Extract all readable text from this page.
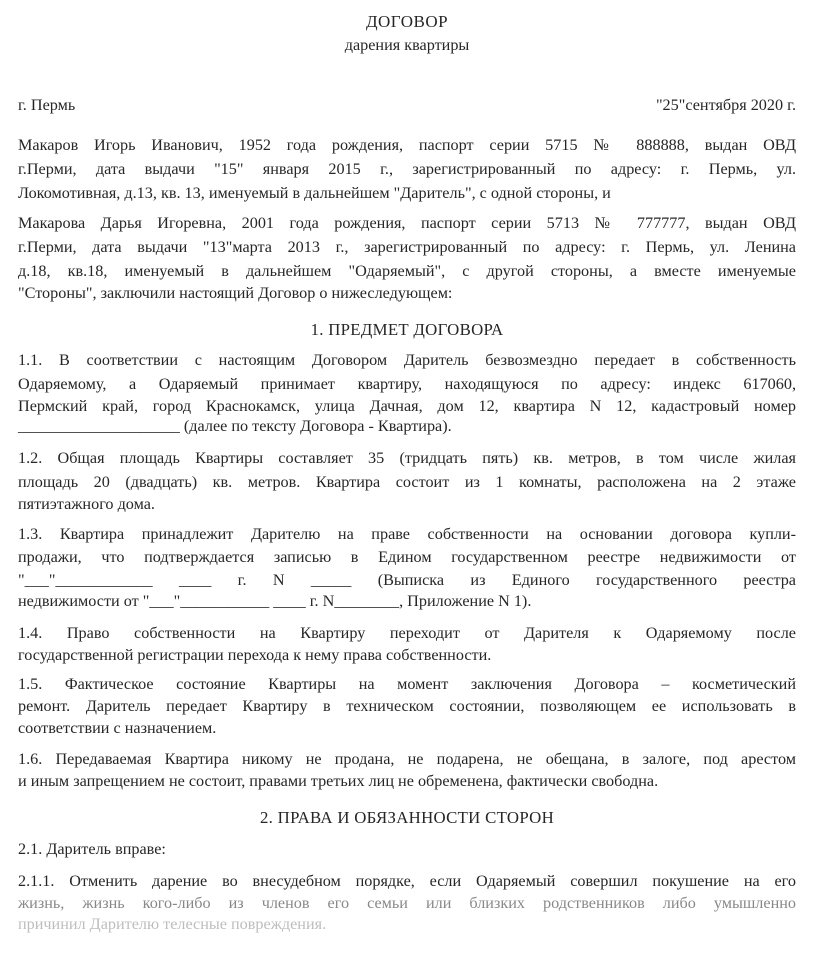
ДОГОВОР
дарения квартиры
г. Пермь	"25"сентября 2020 г.
Макаров Игорь Иванович, 1952 года рождения, паспорт серии 5715 № 888888, выдан ОВД
г.Перми, дата выдачи "15" января 2015 г., зарегистрированный по адресу: г. Пермь, ул.
Локомотивная, д.13, кв. 13, именуемый в дальнейшем "Даритель", с одной стороны, и
Макарова Дарья Игоревна, 2001 года рождения, паспорт серии 5713 № 777777, выдан ОВД
г.Перми, дата выдачи "13"марта 2013 г., зарегистрированный по адресу: г. Пермь, ул. Ленина
д.18, кв.18, именуемый в дальнейшем "Одаряемый", с другой стороны, а вместе именуемые
"Стороны", заключили настоящий Договор о нижеследующем:
1. ПРЕДМЕТ ДОГОВОРА
1.1. В соответствии с настоящим Договором Даритель безвозмездно передает в собственность
Одаряемому, а Одаряемый принимает квартиру, находящуюся по адресу: индекс 617060,
Пермский край, город Краснокамск, улица Дачная, дом 12, квартира N 12, кадастровый номер
____________________ (далее по тексту Договора - Квартира).
1.2. Общая площадь Квартиры составляет 35 (тридцать пять) кв. метров, в том числе жилая
площадь 20 (двадцать) кв. метров. Квартира состоит из 1 комнаты, расположена на 2 этаже
пятиэтажного дома.
1.3. Квартира принадлежит Дарителю на праве собственности на основании договора купли-
продажи, что подтверждается записью в Едином государственном реестре недвижимости от
"___"____________ ____ г. N _____ (Выписка из Единого государственного реестра
недвижимости от "___"___________ ____ г. N________, Приложение N 1).
1.4. Право собственности на Квартиру переходит от Дарителя к Одаряемому после
государственной регистрации перехода к нему права собственности.
1.5. Фактическое состояние Квартиры на момент заключения Договора – косметический
ремонт. Даритель передает Квартиру в техническом состоянии, позволяющем ее использовать в
соответствии с назначением.
1.6. Передаваемая Квартира никому не продана, не подарена, не обещана, в залоге, под арестом
и иным запрещением не состоит, правами третьих лиц не обременена, фактически свободна.
2. ПРАВА И ОБЯЗАННОСТИ СТОРОН
2.1. Даритель вправе:
2.1.1. Отменить дарение во внесудебном порядке, если Одаряемый совершил покушение на его
жизнь, жизнь кого-либо из членов его семьи или близких родственников либо умышленно
причинил Дарителю телесные повреждения.
